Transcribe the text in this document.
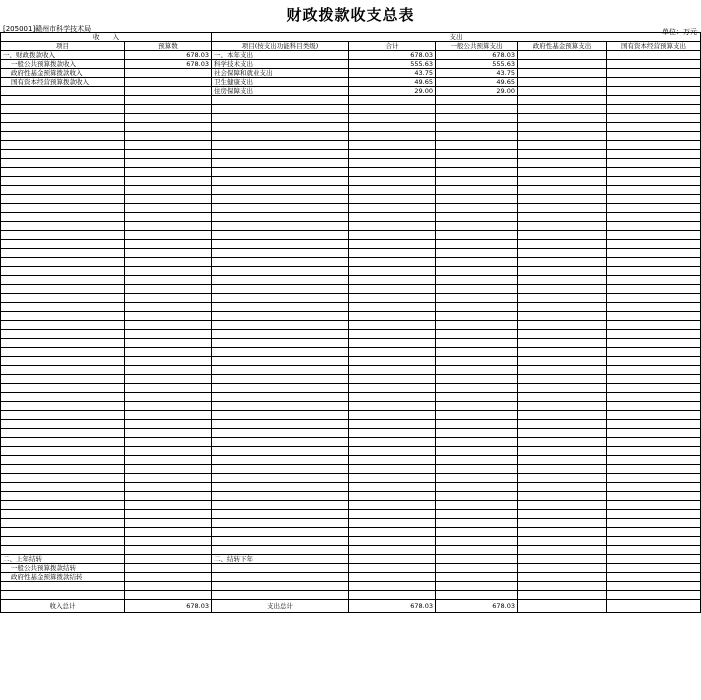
财政拨款收支总表
[205001]赣州市科学技术局	单位：万元
收　　入		支出				
项目	预算数	项目(按支出功能科目类级)	合计	一般公共预算支出	政府性基金预算支出	国有资本经营预算支出
一、财政拨款收入	678.03	一、本年支出	678.03	678.03		
一般公共预算拨款收入	678.03	科学技术支出	555.63	555.63		
政府性基金预算拨款收入		社会保障和就业支出	43.75	43.75		
国有资本经营预算拨款收入		卫生健康支出	49.65	49.65		
		住房保障支出	29.00	29.00		

二、上年结转		二、结转下年				
一般公共预算拨款结转						
政府性基金预算拨款结转						

收入总计	678.03	支出总计	678.03	678.03		
